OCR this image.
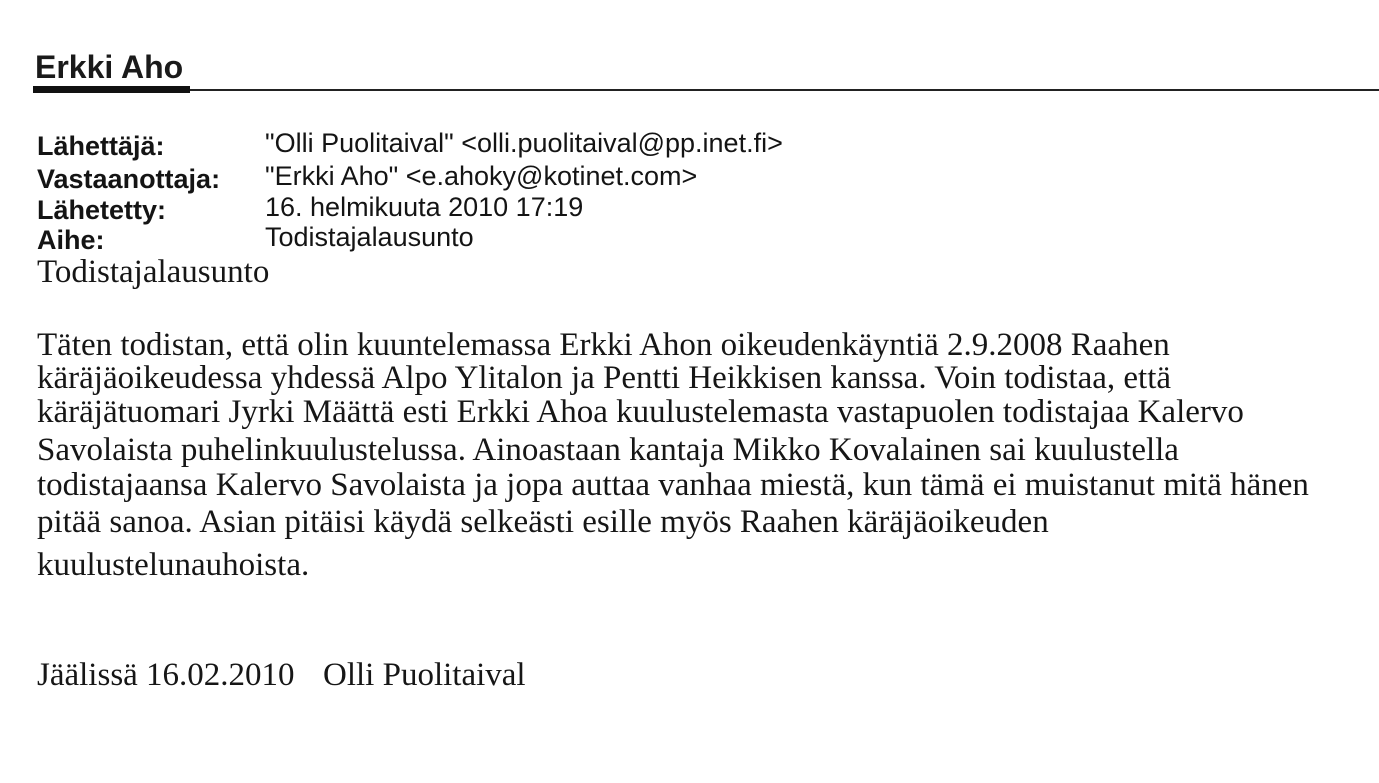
Erkki Aho
Lähettäjä:	"Olli Puolitaival" <olli.puolitaival@pp.inet.fi>
Vastaanottaja: "Erkki Aho" <e.ahoky@kotinet.com>
Lähetetty:	16. helmikuuta 2010 17:19
Aihe:	Todistajalausunto
Todistajalausunto
Täten todistan, että olin kuuntelemassa Erkki Ahon oikeudenkäyntiä 2.9.2008 Raahen
käräjäoikeudessa yhdessä Alpo Ylitalon ja Pentti Heikkisen kanssa. Voin todistaa, että
käräjätuomari Jyrki Määttä esti Erkki Ahoa kuulustelemasta vastapuolen todistajaa Kalervo
Savolaista puhelinkuulustelussa. Ainoastaan kantaja Mikko Kovalainen sai kuulustella
todistajaansa Kalervo Savolaista ja jopa auttaa vanhaa miestä, kun tämä ei muistanut mitä hänen
pitää sanoa. Asian pitäisi käydä selkeästi esille myös Raahen käräjäoikeuden
kuulustelunauhoista.
Jäälissä 16.02.2010 Olli Puolitaival
